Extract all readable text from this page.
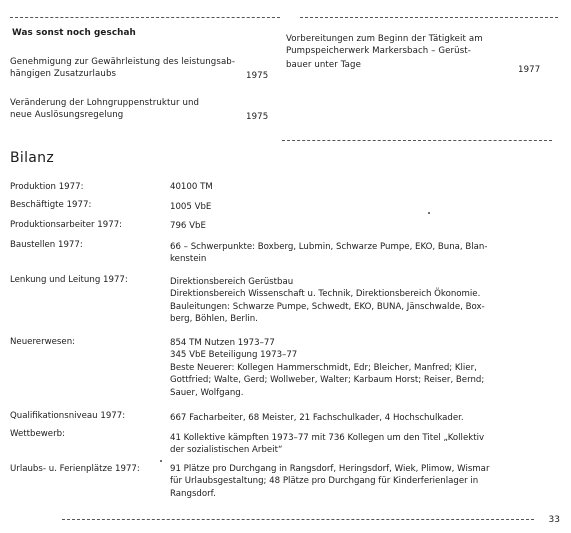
Was sonst noch geschah
Genehmigung zur Gewährleistung des leistungsab-
hängigen Zusatzurlaubs	1975
Veränderung der Lohngruppenstruktur und
neue Auslösungsregelung	1975
Vorbereitungen zum Beginn der Tätigkeit am
Pumpspeicherwerk Markersbach – Gerüst-
bauer unter Tage	1977
Bilanz
Produktion 1977:	40100 TM
Beschäftigte 1977:	1005 VbE
Produktionsarbeiter 1977:	796 VbE
Baustellen 1977:	66 – Schwerpunkte: Boxberg, Lubmin, Schwarze Pumpe, EKO, Buna, Blan-
kenstein
Lenkung und Leitung 1977:	Direktionsbereich Gerüstbau
Direktionsbereich Wissenschaft u. Technik, Direktionsbereich Ökonomie.
Bauleitungen: Schwarze Pumpe, Schwedt, EKO, BUNA, Jänschwalde, Box-
berg, Böhlen, Berlin.
Neuererwesen:	854 TM Nutzen 1973–77
345 VbE Beteiligung 1973–77
Beste Neuerer: Kollegen Hammerschmidt, Edr; Bleicher, Manfred; Klier,
Gottfried; Walte, Gerd; Wollweber, Walter; Karbaum Horst; Reiser, Bernd;
Sauer, Wolfgang.
Qualifikationsniveau 1977:	667 Facharbeiter, 68 Meister, 21 Fachschulkader, 4 Hochschulkader.
Wettbewerb:	41 Kollektive kämpften 1973–77 mit 736 Kollegen um den Titel „Kollektiv
der sozialistischen Arbeit“
Urlaubs- u. Ferienplätze 1977:	91 Plätze pro Durchgang in Rangsdorf, Heringsdorf, Wiek, Plimow, Wismar
für Urlaubsgestaltung; 48 Plätze pro Durchgang für Kinderferienlager in
Rangsdorf.
33
